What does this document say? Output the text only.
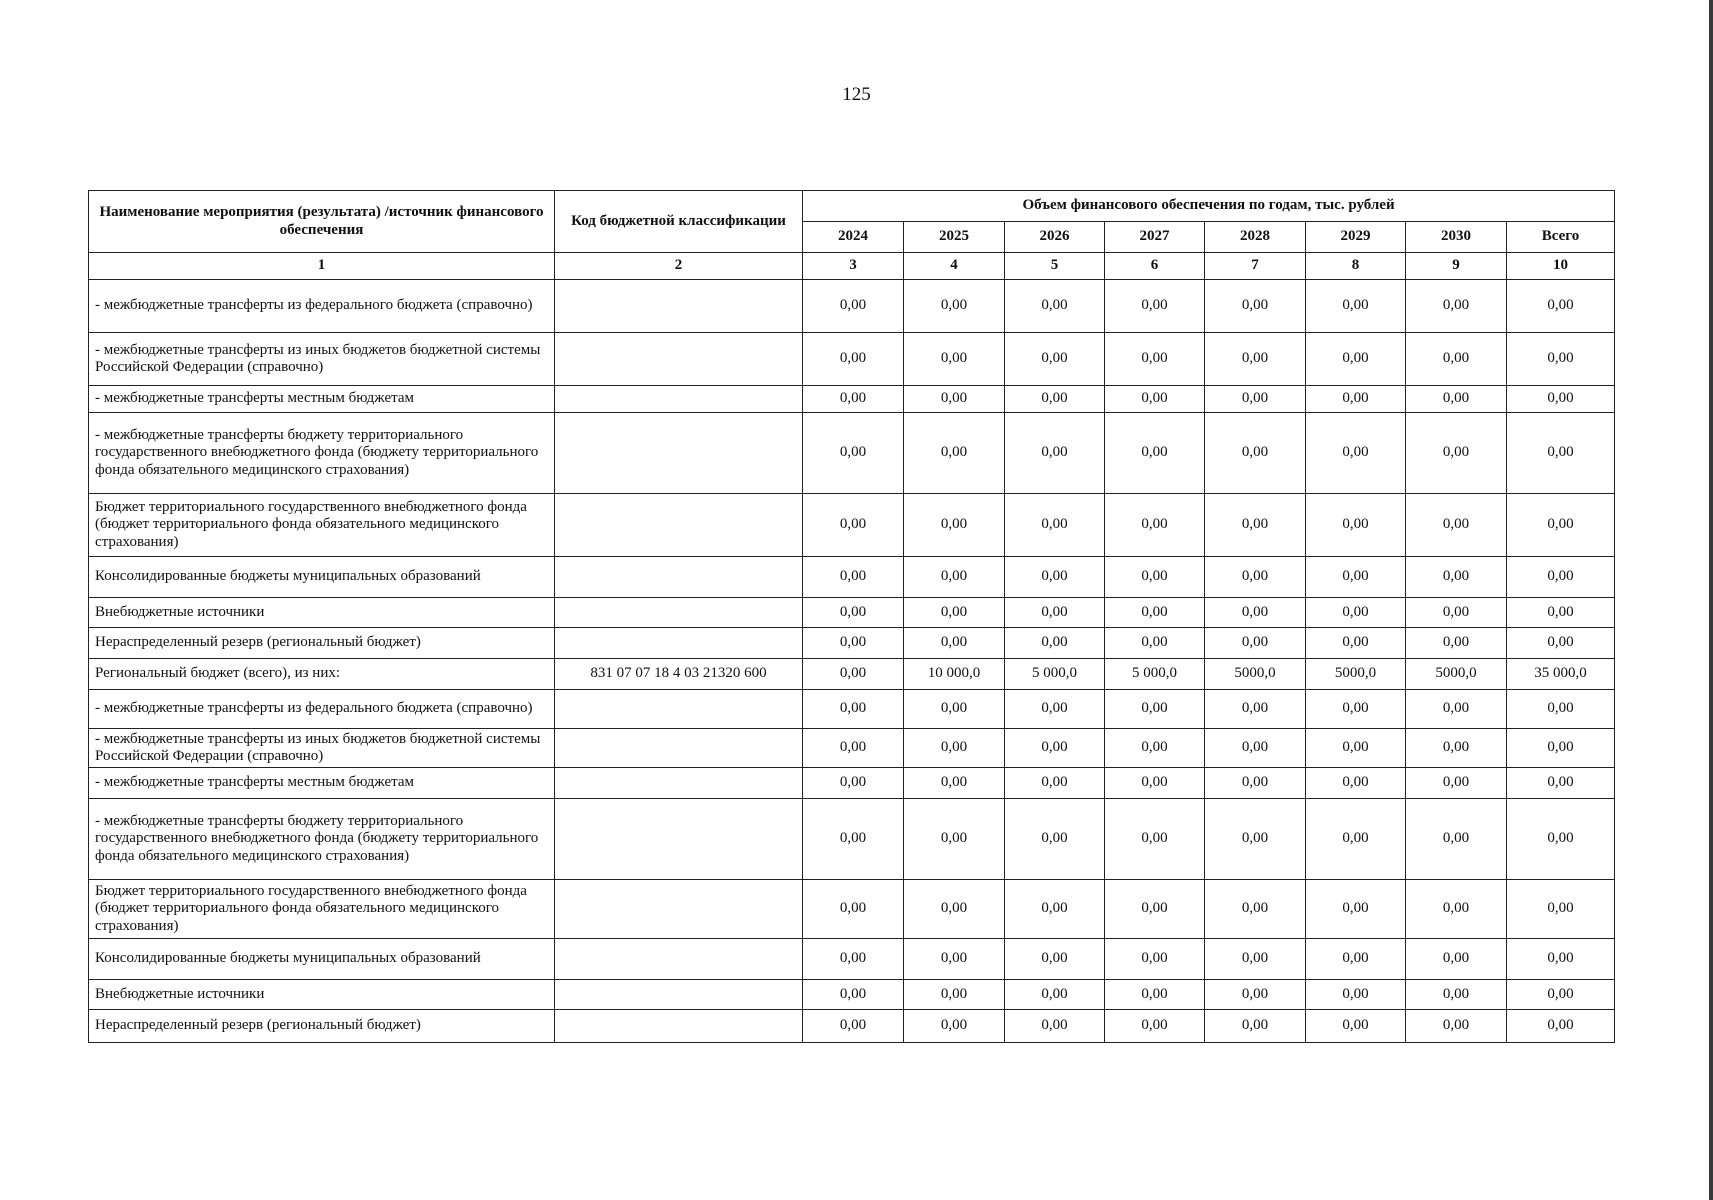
125
Наименование мероприятия (результата) /источник финансового обеспечения	Код бюджетной классификации	Объем финансового обеспечения по годам, тыс. рублей							
		2024	2025	2026	2027	2028	2029	2030	Всего
1	2	3	4	5	6	7	8	9	10
- межбюджетные трансферты из федерального бюджета (справочно)		0,00	0,00	0,00	0,00	0,00	0,00	0,00	0,00
- межбюджетные трансферты из иных бюджетов бюджетной системы Российской Федерации (справочно)		0,00	0,00	0,00	0,00	0,00	0,00	0,00	0,00
- межбюджетные трансферты местным бюджетам		0,00	0,00	0,00	0,00	0,00	0,00	0,00	0,00
- межбюджетные трансферты бюджету территориального государственного внебюджетного фонда (бюджету территориального фонда обязательного медицинского страхования)		0,00	0,00	0,00	0,00	0,00	0,00	0,00	0,00
Бюджет территориального государственного внебюджетного фонда (бюджет территориального фонда обязательного медицинского страхования)		0,00	0,00	0,00	0,00	0,00	0,00	0,00	0,00
Консолидированные бюджеты муниципальных образований		0,00	0,00	0,00	0,00	0,00	0,00	0,00	0,00
Внебюджетные источники		0,00	0,00	0,00	0,00	0,00	0,00	0,00	0,00
Нераспределенный резерв (региональный бюджет)		0,00	0,00	0,00	0,00	0,00	0,00	0,00	0,00
Региональный бюджет (всего), из них:	831 07 07 18 4 03 21320 600	0,00	10 000,0	5 000,0	5 000,0	5000,0	5000,0	5000,0	35 000,0
- межбюджетные трансферты из федерального бюджета (справочно)		0,00	0,00	0,00	0,00	0,00	0,00	0,00	0,00
- межбюджетные трансферты из иных бюджетов бюджетной системы Российской Федерации (справочно)		0,00	0,00	0,00	0,00	0,00	0,00	0,00	0,00
- межбюджетные трансферты местным бюджетам		0,00	0,00	0,00	0,00	0,00	0,00	0,00	0,00
- межбюджетные трансферты бюджету территориального государственного внебюджетного фонда (бюджету территориального фонда обязательного медицинского страхования)		0,00	0,00	0,00	0,00	0,00	0,00	0,00	0,00
Бюджет территориального государственного внебюджетного фонда (бюджет территориального фонда обязательного медицинского страхования)		0,00	0,00	0,00	0,00	0,00	0,00	0,00	0,00
Консолидированные бюджеты муниципальных образований		0,00	0,00	0,00	0,00	0,00	0,00	0,00	0,00
Внебюджетные источники		0,00	0,00	0,00	0,00	0,00	0,00	0,00	0,00
Нераспределенный резерв (региональный бюджет)		0,00	0,00	0,00	0,00	0,00	0,00	0,00	0,00
